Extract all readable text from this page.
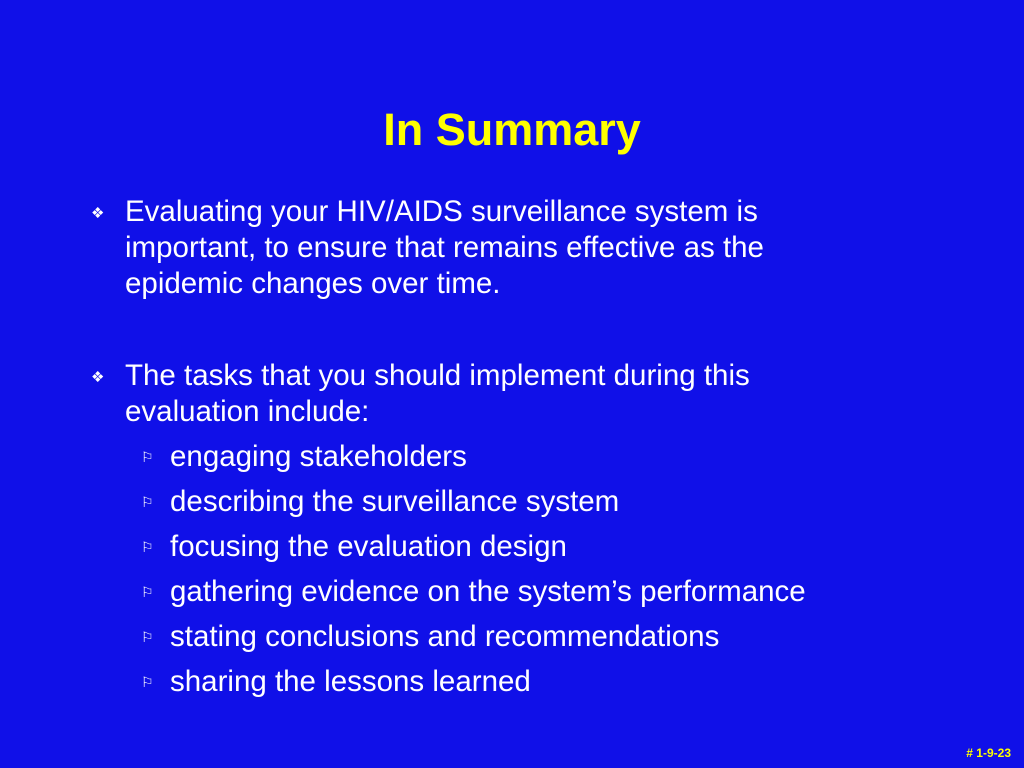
In Summary
❖ Evaluating your HIV/AIDS surveillance system is
important, to ensure that remains effective as the
epidemic changes over time.
❖ The tasks that you should implement during this
evaluation include:
⚐ engaging stakeholders
⚐ describing the surveillance system
⚐ focusing the evaluation design
⚐ gathering evidence on the system’s performance
⚐ stating conclusions and recommendations
⚐ sharing the lessons learned
# 1-9-23
